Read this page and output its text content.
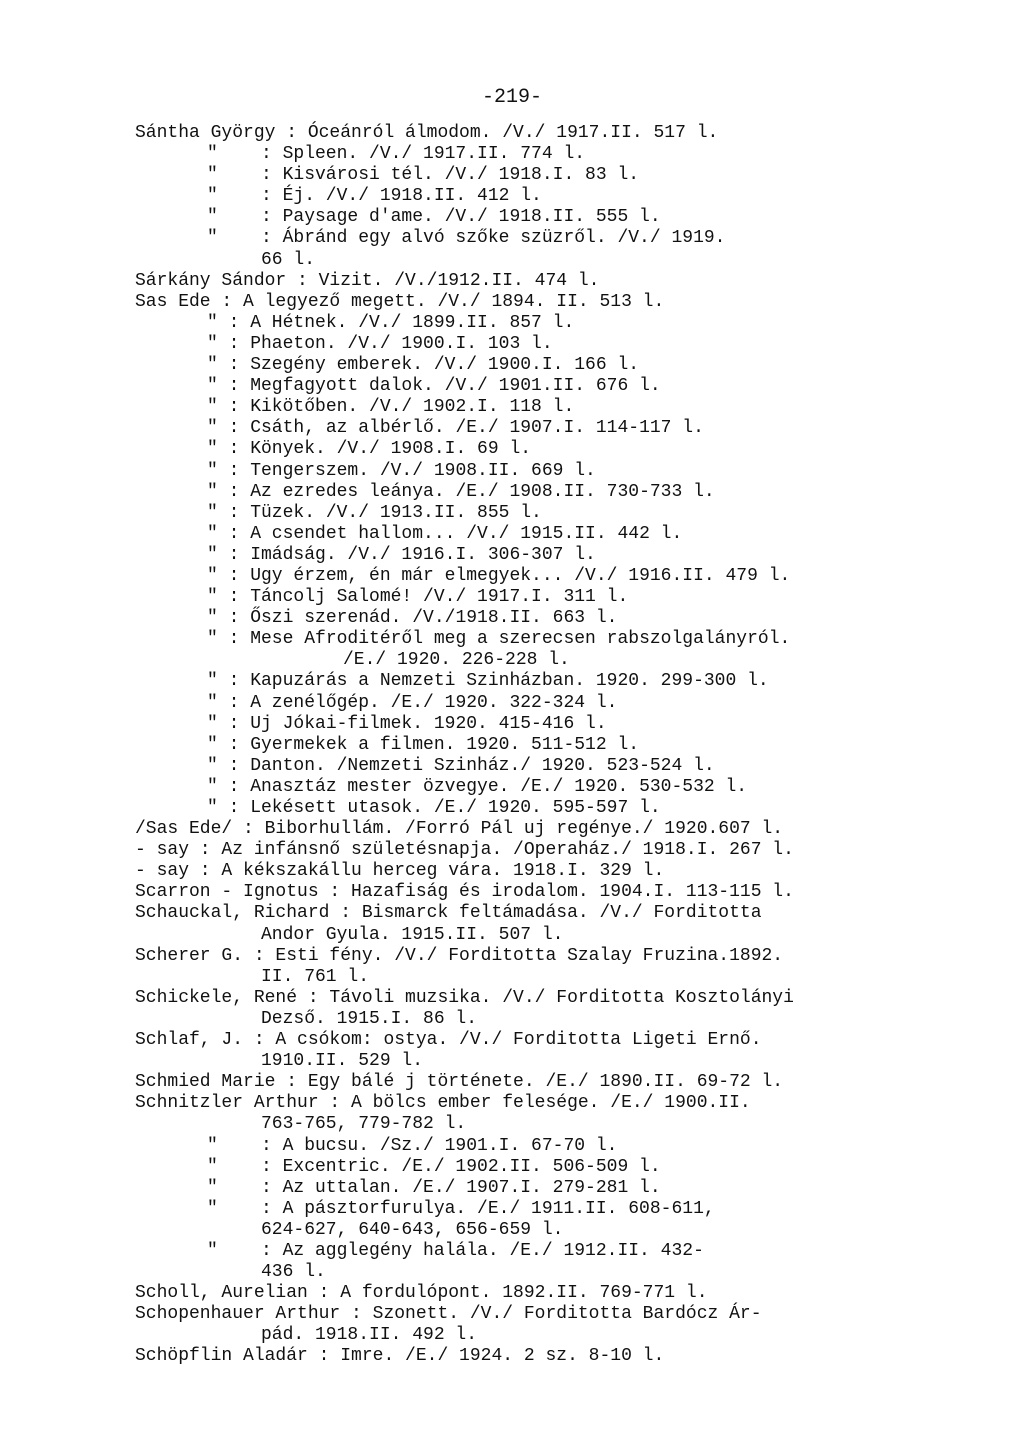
-219-
Sántha György : Óceánról álmodom. /V./ 1917.II. 517 l.
" : Spleen. /V./ 1917.II. 774 l.
" : Kisvárosi tél. /V./ 1918.I. 83 l.
" : Éj. /V./ 1918.II. 412 l.
" : Paysage d'ame. /V./ 1918.II. 555 l.
" : Ábránd egy alvó szőke szüzről. /V./ 1919.
66 l.
Sárkány Sándor : Vizit. /V./1912.II. 474 l.
Sas Ede : A legyező megett. /V./ 1894. II. 513 l.
" : A Hétnek. /V./ 1899.II. 857 l.
" : Phaeton. /V./ 1900.I. 103 l.
" : Szegény emberek. /V./ 1900.I. 166 l.
" : Megfagyott dalok. /V./ 1901.II. 676 l.
" : Kikötőben. /V./ 1902.I. 118 l.
" : Csáth, az albérlő. /E./ 1907.I. 114-117 l.
" : Könyek. /V./ 1908.I. 69 l.
" : Tengerszem. /V./ 1908.II. 669 l.
" : Az ezredes leánya. /E./ 1908.II. 730-733 l.
" : Tüzek. /V./ 1913.II. 855 l.
" : A csendet hallom... /V./ 1915.II. 442 l.
" : Imádság. /V./ 1916.I. 306-307 l.
" : Ugy érzem, én már elmegyek... /V./ 1916.II. 479 l.
" : Táncolj Salomé! /V./ 1917.I. 311 l.
" : Őszi szerenád. /V./1918.II. 663 l.
" : Mese Afroditéről meg a szerecsen rabszolgalányról.
/E./ 1920. 226-228 l.
" : Kapuzárás a Nemzeti Szinházban. 1920. 299-300 l.
" : A zenélőgép. /E./ 1920. 322-324 l.
" : Uj Jókai-filmek. 1920. 415-416 l.
" : Gyermekek a filmen. 1920. 511-512 l.
" : Danton. /Nemzeti Szinház./ 1920. 523-524 l.
" : Anasztáz mester özvegye. /E./ 1920. 530-532 l.
" : Lekésett utasok. /E./ 1920. 595-597 l.
/Sas Ede/ : Biborhullám. /Forró Pál uj regénye./ 1920.607 l.
- say : Az infánsnő születésnapja. /Operaház./ 1918.I. 267 l.
- say : A kékszakállu herceg vára. 1918.I. 329 l.
Scarron - Ignotus : Hazafiság és irodalom. 1904.I. 113-115 l.
Schauckal, Richard : Bismarck feltámadása. /V./ Forditotta
Andor Gyula. 1915.II. 507 l.
Scherer G. : Esti fény. /V./ Forditotta Szalay Fruzina.1892.
II. 761 l.
Schickele, René : Távoli muzsika. /V./ Forditotta Kosztolányi
Dezső. 1915.I. 86 l.
Schlaf, J. : A csókom: ostya. /V./ Forditotta Ligeti Ernő.
1910.II. 529 l.
Schmied Marie : Egy bálé j története. /E./ 1890.II. 69-72 l.
Schnitzler Arthur : A bölcs ember felesége. /E./ 1900.II.
763-765, 779-782 l.
" : A bucsu. /Sz./ 1901.I. 67-70 l.
" : Excentric. /E./ 1902.II. 506-509 l.
" : Az uttalan. /E./ 1907.I. 279-281 l.
" : A pásztorfurulya. /E./ 1911.II. 608-611,
624-627, 640-643, 656-659 l.
" : Az agglegény halála. /E./ 1912.II. 432-
436 l.
Scholl, Aurelian : A fordulópont. 1892.II. 769-771 l.
Schopenhauer Arthur : Szonett. /V./ Forditotta Bardócz Ár-
pád. 1918.II. 492 l.
Schöpflin Aladár : Imre. /E./ 1924. 2 sz. 8-10 l.
